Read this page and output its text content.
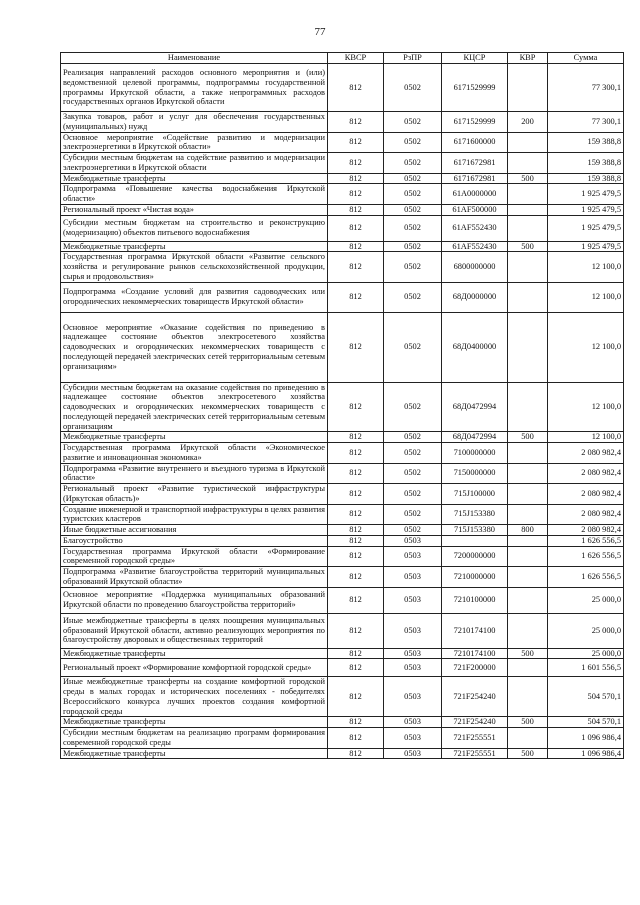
77
Наименование	КВСР	РзПР	КЦСР	КВР	Сумма
Реализация направлений расходов основного мероприятия и (или) ведомственной целевой программы, подпрограммы государственной программы Иркутской области, а также непрограммных расходов государственных органов Иркутской области	812	0502	6171529999		77 300,1
Закупка товаров, работ и услуг для обеспечения государственных (муниципальных) нужд	812	0502	6171529999	200	77 300,1
Основное мероприятие «Содействие развитию и модернизации электроэнергетики в Иркутской области»	812	0502	6171600000		159 388,8
Субсидии местным бюджетам на содействие развитию и модернизации электроэнергетики в Иркутской области	812	0502	6171672981		159 388,8
Межбюджетные трансферты	812	0502	6171672981	500	159 388,8
Подпрограмма «Повышение качества водоснабжения Иркутской области»	812	0502	61А0000000		1 925 479,5
Региональный проект «Чистая вода»	812	0502	61АF500000		1 925 479,5
Субсидии местным бюджетам на строительство и реконструкцию (модернизацию) объектов питьевого водоснабжения	812	0502	61АF552430		1 925 479,5
Межбюджетные трансферты	812	0502	61АF552430	500	1 925 479,5
Государственная программа Иркутской области «Развитие сельского хозяйства и регулирование рынков сельскохозяйственной продукции, сырья и продовольствия»	812	0502	6800000000		12 100,0
Подпрограмма «Создание условий для развития садоводческих или огороднических некоммерческих товариществ Иркутской области»	812	0502	68Д0000000		12 100,0
Основное мероприятие «Оказание содействия по приведению в надлежащее состояние объектов электросетевого хозяйства садоводческих и огороднических некоммерческих товариществ с последующей передачей электрических сетей территориальным сетевым организациям»	812	0502	68Д0400000		12 100,0
Субсидии местным бюджетам на оказание содействия по приведению в надлежащее состояние объектов электросетевого хозяйства садоводческих и огороднических некоммерческих товариществ с последующей передачей электрических сетей территориальным сетевым организациям	812	0502	68Д0472994		12 100,0
Межбюджетные трансферты	812	0502	68Д0472994	500	12 100,0
Государственная программа Иркутской области «Экономическое развитие и инновационная экономика»	812	0502	7100000000		2 080 982,4
Подпрограмма «Развитие внутреннего и въездного туризма в Иркутской области»	812	0502	7150000000		2 080 982,4
Региональный проект «Развитие туристической инфраструктуры (Иркутская область)»	812	0502	715J100000		2 080 982,4
Создание инженерной и транспортной инфраструктуры в целях развития туристских кластеров	812	0502	715J153380		2 080 982,4
Иные бюджетные ассигнования	812	0502	715J153380	800	2 080 982,4
Благоустройство	812	0503			1 626 556,5
Государственная программа Иркутской области «Формирование современной городской среды»	812	0503	7200000000		1 626 556,5
Подпрограмма «Развитие благоустройства территорий муниципальных образований Иркутской области»	812	0503	7210000000		1 626 556,5
Основное мероприятие «Поддержка муниципальных образований Иркутской области по проведению благоустройства территорий»	812	0503	7210100000		25 000,0
Иные межбюджетные трансферты в целях поощрения муниципальных образований Иркутской области, активно реализующих мероприятия по благоустройству дворовых и общественных территорий	812	0503	7210174100		25 000,0
Межбюджетные трансферты	812	0503	7210174100	500	25 000,0
Региональный проект «Формирование комфортной городской среды»	812	0503	721F200000		1 601 556,5
Иные межбюджетные трансферты на создание комфортной городской среды в малых городах и исторических поселениях - победителях Всероссийского конкурса лучших проектов создания комфортной городской среды	812	0503	721F254240		504 570,1
Межбюджетные трансферты	812	0503	721F254240	500	504 570,1
Субсидии местным бюджетам на реализацию программ формирования современной городской среды	812	0503	721F255551		1 096 986,4
Межбюджетные трансферты	812	0503	721F255551	500	1 096 986,4
